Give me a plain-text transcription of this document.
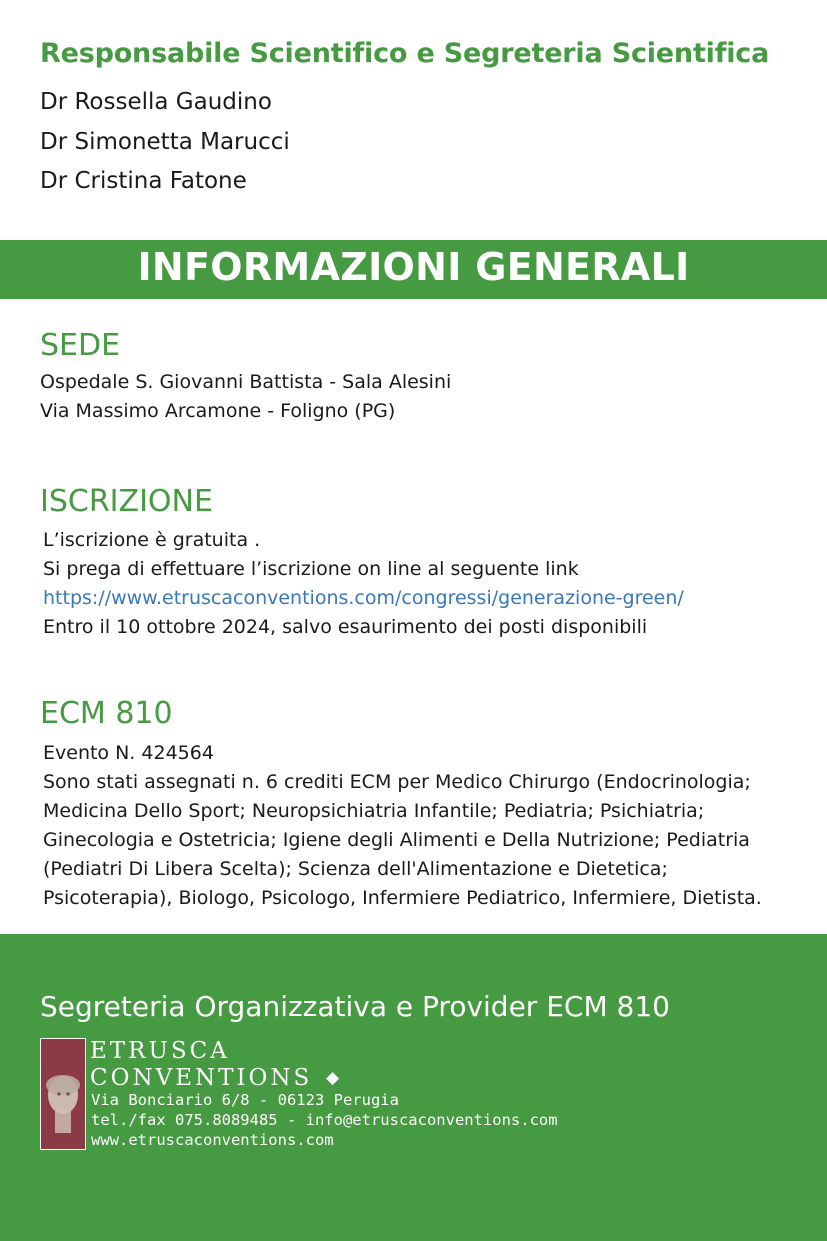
Responsabile Scientifico e Segreteria Scientifica
Dr Rossella Gaudino
Dr Simonetta Marucci
Dr Cristina Fatone
INFORMAZIONI GENERALI
SEDE
Ospedale S. Giovanni Battista - Sala Alesini
Via Massimo Arcamone - Foligno (PG)
ISCRIZIONE
L’iscrizione è gratuita .
Si prega di effettuare l’iscrizione on line al seguente link
https://www.etruscaconventions.com/congressi/generazione-green/
Entro il 10 ottobre 2024, salvo esaurimento dei posti disponibili
ECM 810
Evento N. 424564
Sono stati assegnati n. 6 crediti ECM per Medico Chirurgo (Endocrinologia;
Medicina Dello Sport; Neuropsichiatria Infantile; Pediatria; Psichiatria;
Ginecologia e Ostetricia; Igiene degli Alimenti e Della Nutrizione; Pediatria
(Pediatri Di Libera Scelta); Scienza dell'Alimentazione e Dietetica;
Psicoterapia), Biologo, Psicologo, Infermiere Pediatrico, Infermiere, Dietista.
Segreteria Organizzativa e Provider ECM 810
ETRUSCA
CONVENTIONS ◆
Via Bonciario 6/8 - 06123 Perugia
tel./fax 075.8089485 - info@etruscaconventions.com
www.etruscaconventions.com
